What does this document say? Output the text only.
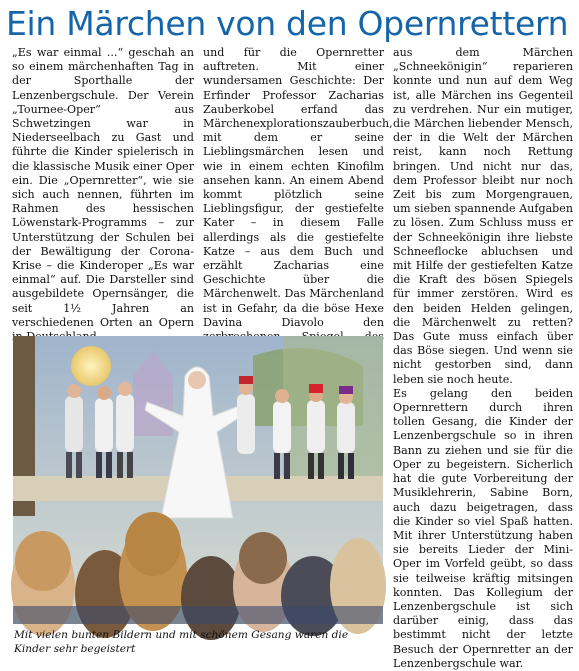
Ein Märchen von den Opernrettern

„Es war einmal ...“ geschah an so einem märchenhaften Tag in der Sporthalle der Lenzenbergschule. Der Verein „Tournee-Oper“ aus Schwetzingen war in Niederseelbach zu Gast und führte die Kinder spielerisch in die klassische Musik einer Oper ein. Die „Opernretter“, wie sie sich auch nennen, führten im Rahmen des hessischen Löwenstark-Programms – zur Unterstützung der Schulen bei der Bewältigung der Corona-Krise – die Kinderoper „Es war einmal“ auf. Die Darsteller sind ausgebildete Opernsänger, die seit 1½ Jahren an verschiedenen Orten an Opern

und für die Opernretter auftreten. Mit einer wundersamen Geschichte: Der Erfinder Professor Zacharias Zauberkobel erfand das Märchenexplorationszauberbuch, mit dem er seine Lieblingsmärchen lesen und wie in einem echten Kinofilm ansehen kann. An einem Abend kommt plötzlich seine Lieblingsfigur, der gestiefelte Kater – in diesem Falle allerdings als die gestiefelte Katze – aus dem Buch und erzählt Zacharias eine Geschichte über die Märchenwelt. Das Märchenland ist in Gefahr, da die böse Hexe Davina Diavolo den

aus dem Märchen „Schneekönigin“ reparieren konnte und nun auf dem Weg ist, alle Märchen ins Gegenteil zu verdrehen. Nur ein mutiger, die Märchen liebender Mensch, der in die Welt der Märchen reist, kann noch Rettung bringen. Und nicht nur das, dem Professor bleibt nur noch Zeit bis zum Morgengrauen, um sieben spannende Aufgaben zu lösen. Zum Schluss muss er der Schneekönigin ihre liebste Schneeflocke abluchsen und mit Hilfe der gestiefelten Katze die Kraft des bösen Spiegels für immer zerstören. Wird es den beiden Helden gelingen, die Märchenwelt zu retten? Das Gute muss einfach über das Böse siegen. Und wenn sie nicht gestorben sind, dann leben sie noch heute.

Es gelang den beiden Opernrettern durch ihren tollen Gesang, die Kinder der Lenzenbergschule so in ihren Bann zu ziehen und sie für die Oper zu begeistern. Sicherlich hat die gute Vorbereitung der Musiklehrerin, Sabine Born, auch dazu beigetragen, dass die Kinder so viel Spaß hatten. Mit ihrer Unterstützung haben sie bereits Lieder der Mini-Oper im Vorfeld geübt, so dass sie teilweise kräftig mitsingen konnten. Das Kollegium der Lenzenbergschule ist sich darüber einig, dass das bestimmt nicht der letzte Besuch der Opernretter an der Lenzenbergschule war.

Mit vielen bunten Bildern und mit schönem Gesang waren die Kinder sehr begeistert
